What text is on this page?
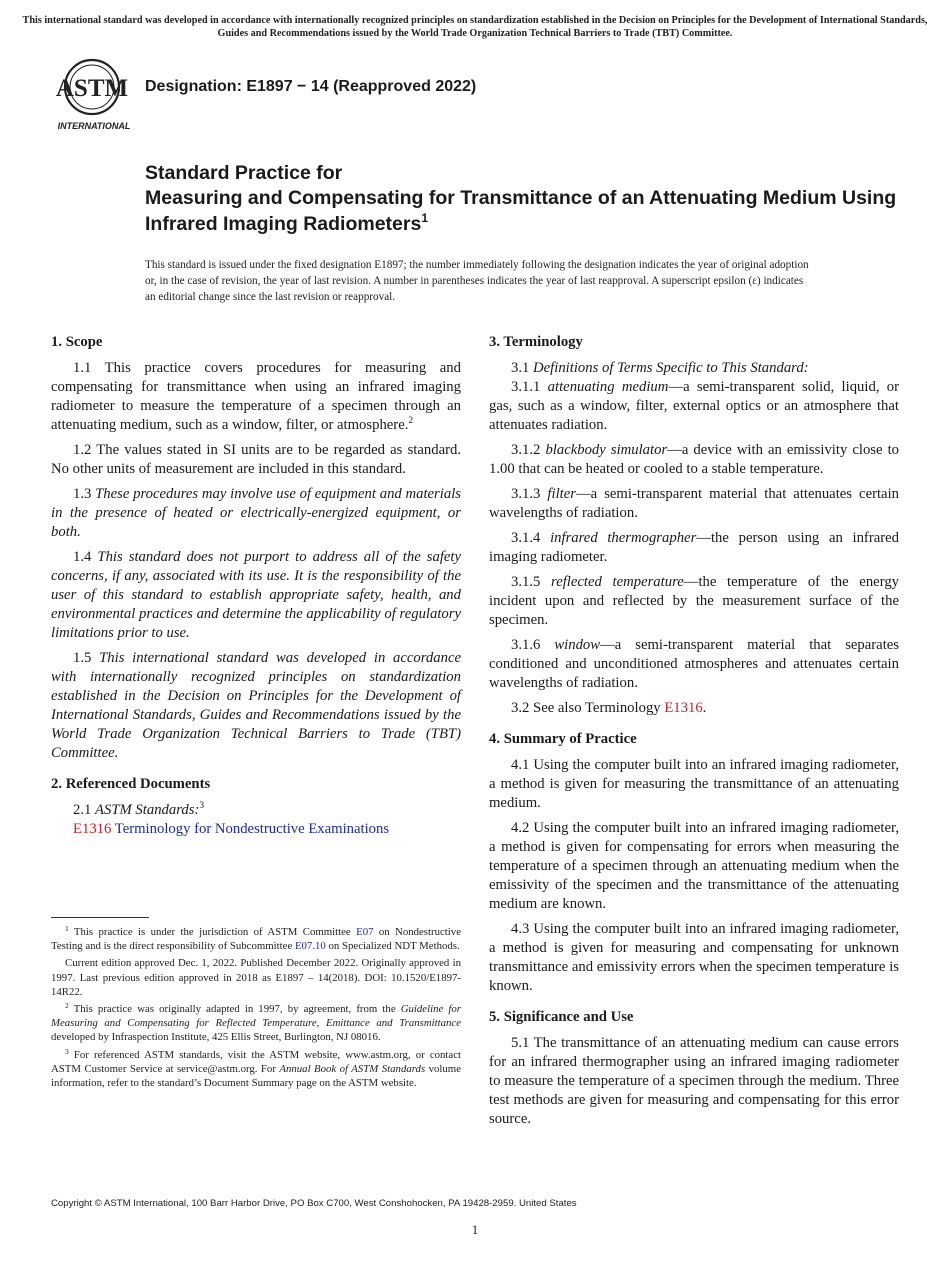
This international standard was developed in accordance with internationally recognized principles on standardization established in the Decision on Principles for the Development of International Standards, Guides and Recommendations issued by the World Trade Organization Technical Barriers to Trade (TBT) Committee.
ASTM
INTERNATIONAL
Designation: E1897 − 14 (Reapproved 2022)
Standard Practice for
Measuring and Compensating for Transmittance of an Attenuating Medium Using Infrared Imaging Radiometers$^1$
This standard is issued under the fixed designation E1897; the number immediately following the designation indicates the year of original adoption or, in the case of revision, the year of last revision. A number in parentheses indicates the year of last reapproval. A superscript epsilon (ε) indicates an editorial change since the last revision or reapproval.
1. Scope

1.1 This practice covers procedures for measuring and compensating for transmittance when using an infrared imaging radiometer to measure the temperature of a specimen through an attenuating medium, such as a window, filter, or atmosphere.$^2$

1.2 The values stated in SI units are to be regarded as standard. No other units of measurement are included in this standard.

1.3 These procedures may involve use of equipment and materials in the presence of heated or electrically-energized equipment, or both.

1.4 This standard does not purport to address all of the safety concerns, if any, associated with its use. It is the responsibility of the user of this standard to establish appropriate safety, health, and environmental practices and determine the applicability of regulatory limitations prior to use.

1.5 This international standard was developed in accordance with internationally recognized principles on standardization established in the Decision on Principles for the Development of International Standards, Guides and Recommendations issued by the World Trade Organization Technical Barriers to Trade (TBT) Committee.

2. Referenced Documents

2.1 ASTM Standards:$^3$

E1316 Terminology for Nondestructive Examinations

3. Terminology

3.1 Definitions of Terms Specific to This Standard:

3.1.1 attenuating medium—a semi-transparent solid, liquid, or gas, such as a window, filter, external optics or an atmosphere that attenuates radiation.

3.1.2 blackbody simulator—a device with an emissivity close to 1.00 that can be heated or cooled to a stable temperature.

3.1.3 filter—a semi-transparent material that attenuates certain wavelengths of radiation.

3.1.4 infrared thermographer—the person using an infrared imaging radiometer.

3.1.5 reflected temperature—the temperature of the energy incident upon and reflected by the measurement surface of the specimen.

3.1.6 window—a semi-transparent material that separates conditioned and unconditioned atmospheres and attenuates certain wavelengths of radiation.

3.2 See also Terminology E1316.

4. Summary of Practice

4.1 Using the computer built into an infrared imaging radiometer, a method is given for measuring the transmittance of an attenuating medium.

4.2 Using the computer built into an infrared imaging radiometer, a method is given for compensating for errors when measuring the temperature of a specimen through an attenuating medium when the emissivity of the specimen and the transmittance of the attenuating medium are known.

4.3 Using the computer built into an infrared imaging radiometer, a method is given for measuring and compensating for unknown transmittance and emissivity errors when the specimen temperature is known.

5. Significance and Use

5.1 The transmittance of an attenuating medium can cause errors for an infrared thermographer using an infrared imaging radiometer to measure the temperature of a specimen through the medium. Three test methods are given for measuring and compensating for this error source.

$^1$ This practice is under the jurisdiction of ASTM Committee E07 on Nondestructive Testing and is the direct responsibility of Subcommittee E07.10 on Specialized NDT Methods.

Current edition approved Dec. 1, 2022. Published December 2022. Originally approved in 1997. Last previous edition approved in 2018 as E1897 – 14(2018). DOI: 10.1520/E1897-14R22.

$^2$ This practice was originally adapted in 1997, by agreement, from the Guideline for Measuring and Compensating for Reflected Temperature, Emittance and Transmittance developed by Infraspection Institute, 425 Ellis Street, Burlington, NJ 08016.

$^3$ For referenced ASTM standards, visit the ASTM website, www.astm.org, or contact ASTM Customer Service at service@astm.org. For Annual Book of ASTM Standards volume information, refer to the standard’s Document Summary page on the ASTM website.

Copyright © ASTM International, 100 Barr Harbor Drive, PO Box C700, West Conshohocken, PA 19428-2959. United States
1
